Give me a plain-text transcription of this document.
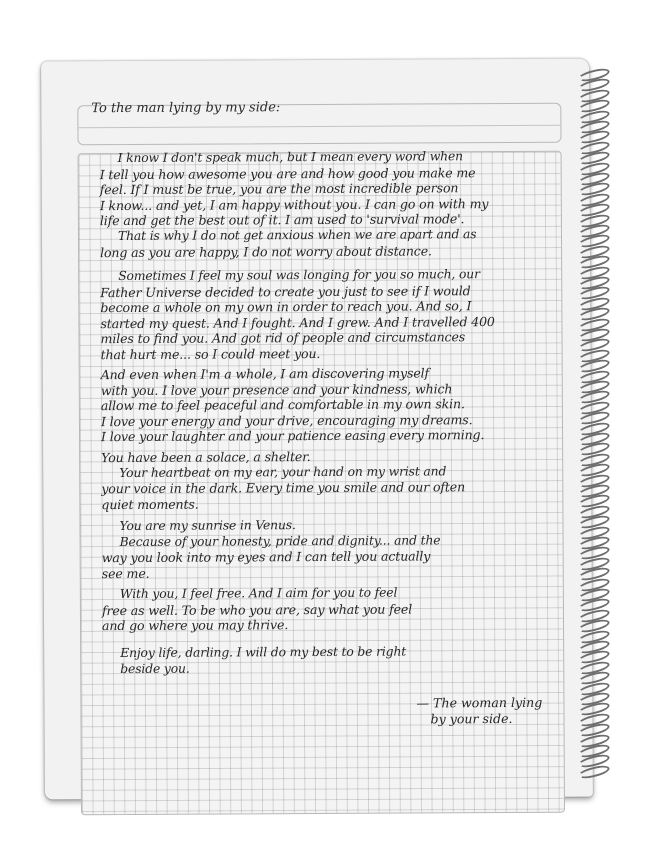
To the man lying by my side:
I know I don't speak much, but I mean every word when
I tell you how awesome you are and how good you make me
feel. If I must be true, you are the most incredible person
I know... and yet, I am happy without you. I can go on with my
life and get the best out of it. I am used to 'survival mode'.
That is why I do not get anxious when we are apart and as
long as you are happy, I do not worry about distance.
Sometimes I feel my soul was longing for you so much, our
Father Universe decided to create you just to see if I would
become a whole on my own in order to reach you. And so, I
started my quest. And I fought. And I grew. And I travelled 400
miles to find you. And got rid of people and circumstances
that hurt me... so I could meet you.
And even when I'm a whole, I am discovering myself
with you. I love your presence and your kindness, which
allow me to feel peaceful and comfortable in my own skin.
I love your energy and your drive, encouraging my dreams.
I love your laughter and your patience easing every morning.
You have been a solace, a shelter.
Your heartbeat on my ear, your hand on my wrist and
your voice in the dark. Every time you smile and our often
quiet moments.
You are my sunrise in Venus.
Because of your honesty, pride and dignity... and the
way you look into my eyes and I can tell you actually
see me.
With you, I feel free. And I aim for you to feel
free as well. To be who you are, say what you feel
and go where you may thrive.
Enjoy life, darling. I will do my best to be right
beside you.
— The woman lying
by your side.
